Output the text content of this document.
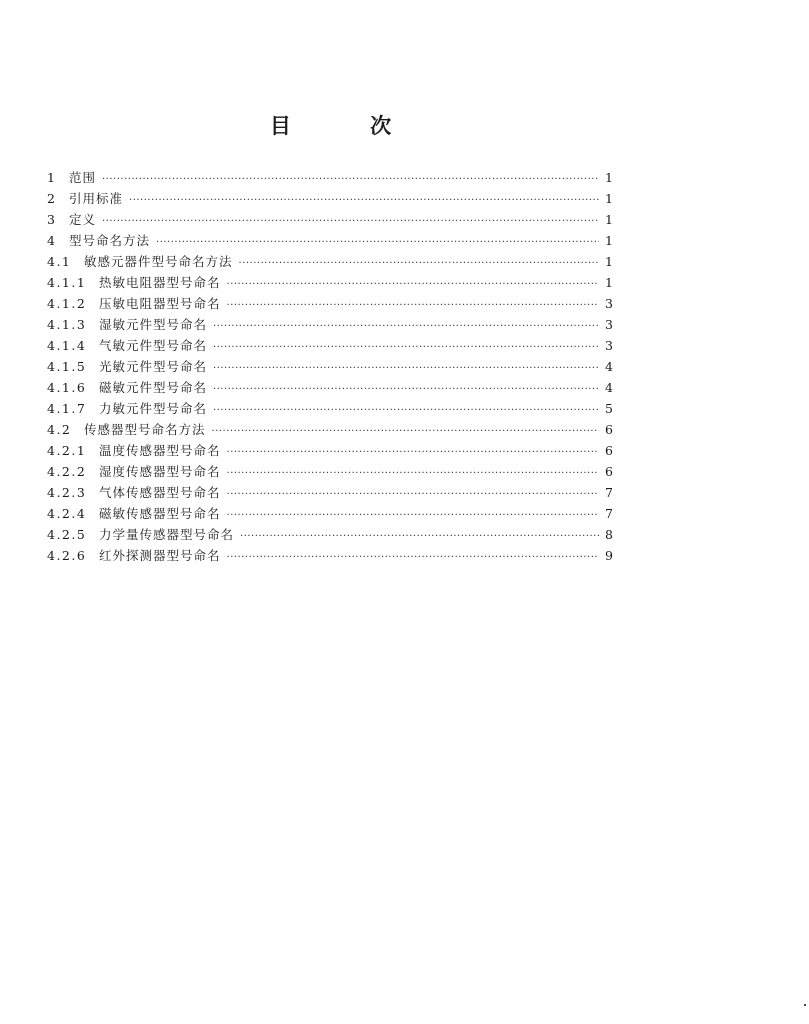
目 次
1	范围 ·····	1
2	引用标准 ·····	1
3	定义 ·····	1
4	型号命名方法 ·····	1
4.1	敏感元器件型号命名方法 ·····	1
4.1.1	热敏电阻器型号命名 ·····	1
4.1.2	压敏电阻器型号命名 ·····	3
4.1.3	湿敏元件型号命名 ·····	3
4.1.4	气敏元件型号命名 ·····	3
4.1.5	光敏元件型号命名 ·····	4
4.1.6	磁敏元件型号命名 ·····	4
4.1.7	力敏元件型号命名 ·····	5
4.2	传感器型号命名方法 ·····	6
4.2.1	温度传感器型号命名 ·····	6
4.2.2	湿度传感器型号命名 ·····	6
4.2.3	气体传感器型号命名 ·····	7
4.2.4	磁敏传感器型号命名 ·····	7
4.2.5	力学量传感器型号命名 ·····	8
4.2.6	红外探测器型号命名 ·····	9
